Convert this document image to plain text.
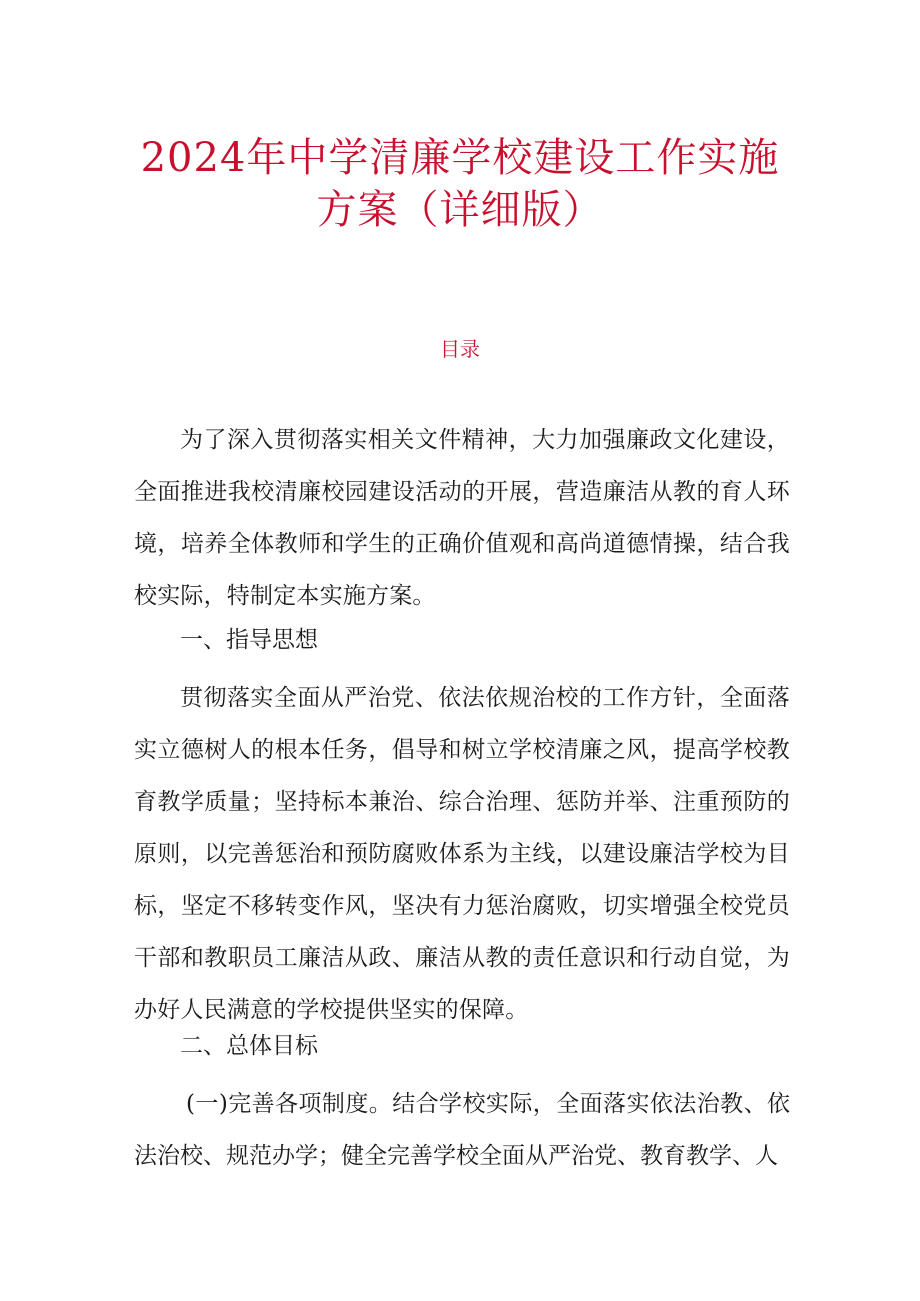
2024年中学清廉学校建设工作实施
方案（详细版）
目录

为了深入贯彻落实相关文件精神，大力加强廉政文化建设，全面推进我校清廉校园建设活动的开展，营造廉洁从教的育人环境，培养全体教师和学生的正确价值观和高尚道德情操，结合我校实际，特制定本实施方案。

一、指导思想

贯彻落实全面从严治党、依法依规治校的工作方针，全面落实立德树人的根本任务，倡导和树立学校清廉之风，提高学校教育教学质量；坚持标本兼治、综合治理、惩防并举、注重预防的原则，以完善惩治和预防腐败体系为主线，以建设廉洁学校为目标，坚定不移转变作风，坚决有力惩治腐败，切实增强全校党员干部和教职员工廉洁从政、廉洁从教的责任意识和行动自觉，为办好人民满意的学校提供坚实的保障。

二、总体目标

(一)完善各项制度。结合学校实际，全面落实依法治教、依法治校、规范办学；健全完善学校全面从严治党、教育教学、人
